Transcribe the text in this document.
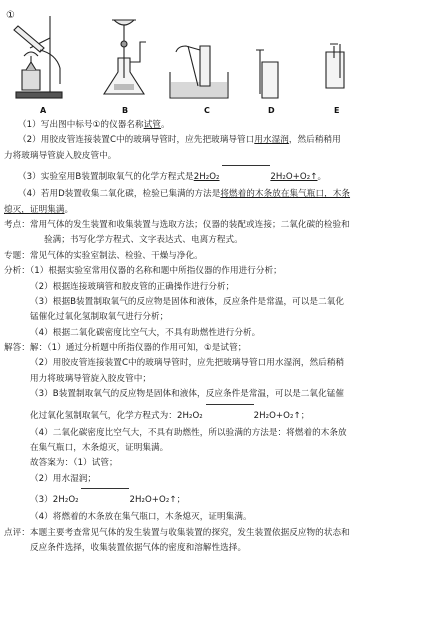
①
A	B	C	D	E
（1）写出图中标号①的仪器名称试管。
（2）用胶皮管连接装置C中的玻璃导管时，应先把玻璃导管口用水湿润，然后稍稍用
力将玻璃导管旋入胶皮管中。
（3）实验室用B装置制取氧气的化学方程式是2H₂O₂	2H₂O+O₂↑。
（4）若用D装置收集二氧化碳，检验已集满的方法是将燃着的木条放在集气瓶口，木条
熄灭，证明集满。
考点：常用气体的发生装置和收集装置与选取方法；仪器的装配或连接；二氧化碳的检验和
验满；书写化学方程式、文字表达式、电离方程式。
专题：常见气体的实验室制法、检验、干燥与净化。
分析：（1）根据实验室常用仪器的名称和题中所指仪器的作用进行分析；
（2）根据连接玻璃管和胶皮管的正确操作进行分析；
（3）根据B装置制取氧气的反应物是固体和液体，反应条件是常温，可以是二氧化
锰催化过氧化氢制取氧气进行分析；
（4）根据二氧化碳密度比空气大，不具有助燃性进行分析。
解答：解：（1）通过分析题中所指仪器的作用可知，①是试管；
（2）用胶皮管连接装置C中的玻璃导管时，应先把玻璃导管口用水湿润，然后稍稍
用力将玻璃导管旋入胶皮管中；
（3）B装置制取氧气的反应物是固体和液体，反应条件是常温，可以是二氧化锰催
化过氧化氢制取氧气，化学方程式为：2H₂O₂	2H₂O+O₂↑；
（4）二氧化碳密度比空气大，不具有助燃性，所以验满的方法是：将燃着的木条放
在集气瓶口，木条熄灭，证明集满。
故答案为：（1）试管；
（2）用水湿润；
（3）2H₂O₂	2H₂O+O₂↑；
（4）将燃着的木条放在集气瓶口，木条熄灭，证明集满。
点评：本题主要考查常见气体的发生装置与收集装置的探究，发生装置依据反应物的状态和
反应条件选择，收集装置依据气体的密度和溶解性选择。
